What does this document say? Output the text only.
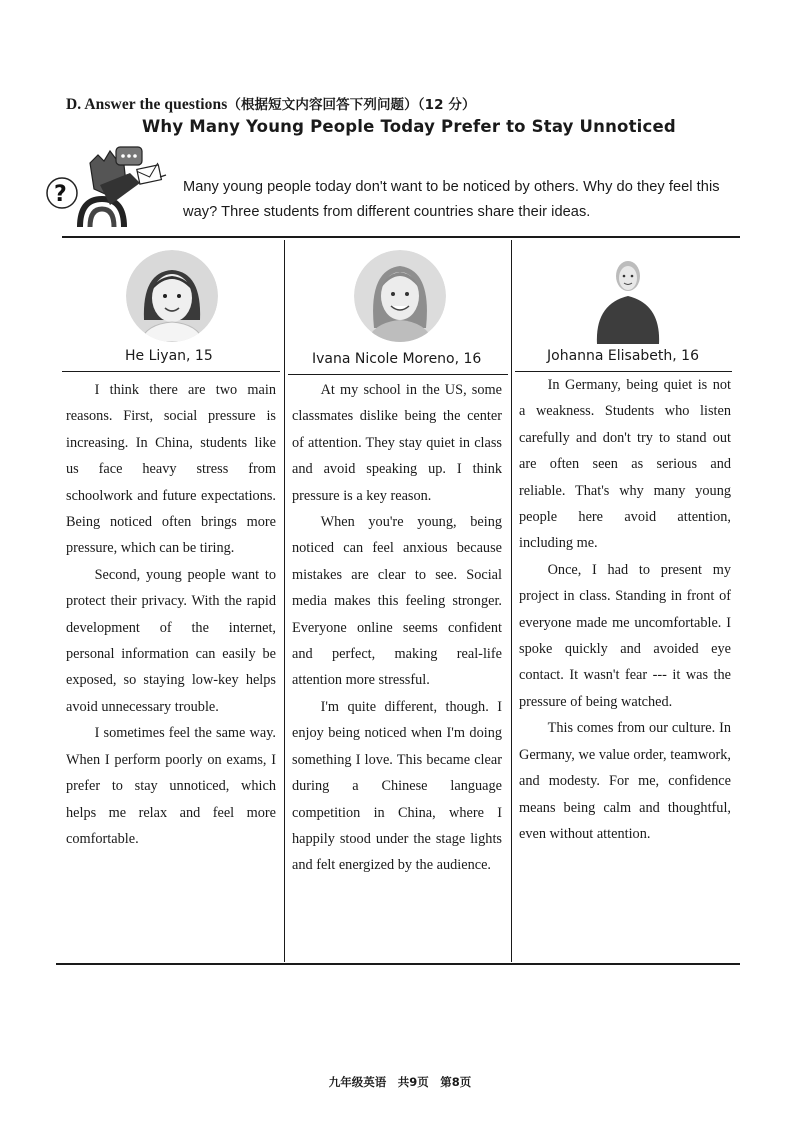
D. Answer the questions（根据短文内容回答下列问题）（12 分）
Why Many Young People Today Prefer to Stay Unnoticed
?	Many young people today don't want to be noticed by others. Why do they feel this way? Three students from different countries share their ideas.
He Liyan, 15

I think there are two main reasons. First, social pressure is increasing. In China, students like us face heavy stress from schoolwork and future expectations. Being noticed often brings more pressure, which can be tiring.

Second, young people want to protect their privacy. With the rapid development of the internet, personal information can easily be exposed, so staying low-key helps avoid unnecessary trouble.

I sometimes feel the same way. When I perform poorly on exams, I prefer to stay unnoticed, which helps me relax and feel more comfortable.

Ivana Nicole Moreno, 16

At my school in the US, some classmates dislike being the center of attention. They stay quiet in class and avoid speaking up. I think pressure is a key reason.

When you're young, being noticed can feel anxious because mistakes are clear to see. Social media makes this feeling stronger. Everyone online seems confident and perfect, making real-life attention more stressful.

I'm quite different, though. I enjoy being noticed when I'm doing something I love. This became clear during a Chinese language competition in China, where I happily stood under the stage lights and felt energized by the audience.

Johanna Elisabeth, 16

In Germany, being quiet is not a weakness. Students who listen carefully and don't try to stand out are often seen as serious and reliable. That's why many young people here avoid attention, including me.

Once, I had to present my project in class. Standing in front of everyone made me uncomfortable. I spoke quickly and avoided eye contact. It wasn't fear --- it was the pressure of being watched.

This comes from our culture. In Germany, we value order, teamwork, and modesty. For me, confidence means being calm and thoughtful, even without attention.

九年级英语　共9页　第8页
